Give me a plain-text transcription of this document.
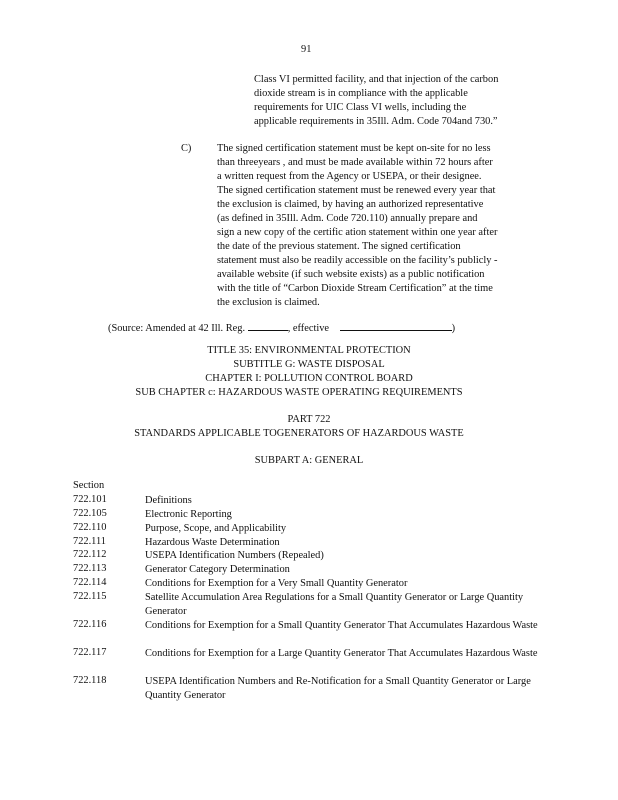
91
Class VI permitted facility, and that injection of the carbon
dioxide stream is in compliance with the applicable
requirements for UIC Class VI wells, including the
applicable requirements in 35Ill. Adm. Code 704and 730.”
C) The signed certification statement must be kept on-site for no less
than threeyears , and must be made available within 72 hours after
a written request from the Agency or USEPA, or their designee.
The signed certification statement must be renewed every year that
the exclusion is claimed, by having an authorized representative
(as defined in 35Ill. Adm. Code 720.110) annually prepare and
sign a new copy of the certific ation statement within one year after
the date of the previous statement. The signed certification
statement must also be readily accessible on the facility’s publicly -
available website (if such website exists) as a public notification
with the title of “Carbon Dioxide Stream Certification” at the time
the exclusion is claimed.
(Source: Amended at 42 Ill. Reg.	, effective	)
TITLE 35: ENVIRONMENTAL PROTECTION
SUBTITLE G: WASTE DISPOSAL
CHAPTER I: POLLUTION CONTROL BOARD
SUB CHAPTER c: HAZARDOUS WASTE OPERATING REQUIREMENTS
PART 722
STANDARDS APPLICABLE TOGENERATORS OF HAZARDOUS WASTE
SUBPART A: GENERAL
Section
722.101	Definitions
722.105	Electronic Reporting
722.110	Purpose, Scope, and Applicability
722.111	Hazardous Waste Determination
722.112	USEPA Identification Numbers (Repealed)
722.113	Generator Category Determination
722.114	Conditions for Exemption for a Very Small Quantity Generator
722.115	Satellite Accumulation Area Regulations for a Small Quantity Generator or Large Quantity Generator
722.116	Conditions for Exemption for a Small Quantity Generator That Accumulates Hazardous Waste
722.117	Conditions for Exemption for a Large Quantity Generator That Accumulates Hazardous Waste
722.118	USEPA Identification Numbers and Re-Notification for a Small Quantity Generator or Large Quantity Generator
